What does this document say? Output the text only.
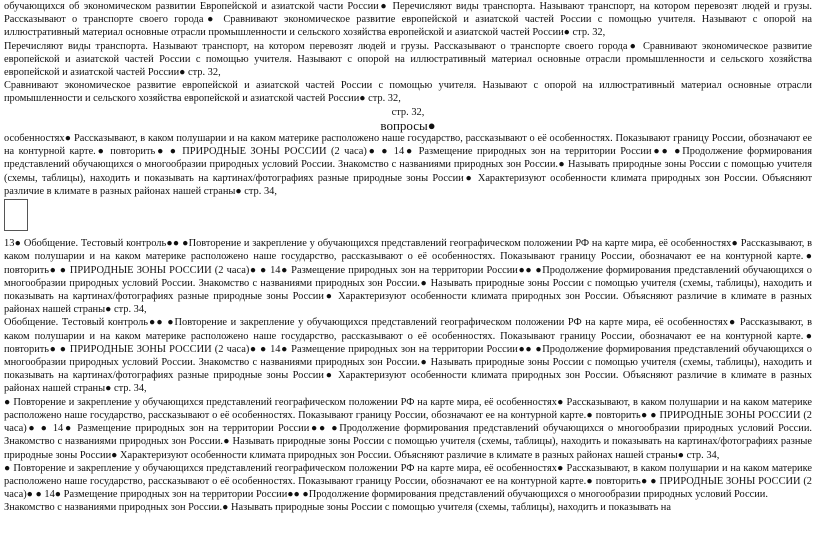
обучающихся об экономическом развитии Европейской и азиатской части России● Перечисляют виды транспорта. Называют транспорт, на котором перевозят людей и грузы. Рассказывают о транспорте своего города● Сравнивают экономическое развитие европейской и азиатской частей России с помощью учителя. Называют с опорой на иллюстративный материал основные отрасли промышленности и сельского хозяйства европейской и азиатской частей России● стр. 32,

Перечисляют виды транспорта. Называют транспорт, на котором перевозят людей и грузы. Рассказывают о транспорте своего города● Сравнивают экономическое развитие европейской и азиатской частей России с помощью учителя. Называют с опорой на иллюстративный материал основные отрасли промышленности и сельского хозяйства европейской и азиатской частей России● стр. 32,

Сравнивают экономическое развитие европейской и азиатской частей России с помощью учителя. Называют с опорой на иллюстративный материал основные отрасли промышленности и сельского хозяйства европейской и азиатской частей России● стр. 32,

стр. 32,

вопросы●

особенностях● Рассказывают, в каком полушарии и на каком материке расположено наше государство, рассказывают о её особенностях. Показывают границу России, обозначают ее на контурной карте.● повторить● ● ПРИРОДНЫЕ ЗОНЫ РОССИИ (2 часа)● ● 14● Размещение природных зон на территории России●● ●Продолжение формирования представлений обучающихся о многообразии природных условий России. Знакомство с названиями природных зон России.● Называть природные зоны России с помощью учителя (схемы, таблицы), находить и показывать на картинах/фотографиях разные природные зоны России● Характеризуют особенности климата природных зон России. Объясняют различие в климате в разных районах нашей страны● стр. 34,

13● Обобщение. Тестовый контроль●● ●Повторение и закрепление у обучающихся представлений географическом положении РФ на карте мира, её особенностях● Рассказывают, в каком полушарии и на каком материке расположено наше государство, рассказывают о её особенностях. Показывают границу России, обозначают ее на контурной карте.● повторить● ● ПРИРОДНЫЕ ЗОНЫ РОССИИ (2 часа)● ● 14● Размещение природных зон на территории России●● ●Продолжение формирования представлений обучающихся о многообразии природных условий России. Знакомство с названиями природных зон России.● Называть природные зоны России с помощью учителя (схемы, таблицы), находить и показывать на картинах/фотографиях разные природные зоны России● Характеризуют особенности климата природных зон России. Объясняют различие в климате в разных районах нашей страны● стр. 34,

Обобщение. Тестовый контроль●● ●Повторение и закрепление у обучающихся представлений географическом положении РФ на карте мира, её особенностях● Рассказывают, в каком полушарии и на каком материке расположено наше государство, рассказывают о её особенностях. Показывают границу России, обозначают ее на контурной карте.● повторить● ● ПРИРОДНЫЕ ЗОНЫ РОССИИ (2 часа)● ● 14● Размещение природных зон на территории России●● ●Продолжение формирования представлений обучающихся о многообразии природных условий России. Знакомство с названиями природных зон России.● Называть природные зоны России с помощью учителя (схемы, таблицы), находить и показывать на картинах/фотографиях разные природные зоны России● Характеризуют особенности климата природных зон России. Объясняют различие в климате в разных районах нашей страны● стр. 34,

● Повторение и закрепление у обучающихся представлений географическом положении РФ на карте мира, её особенностях● Рассказывают, в каком полушарии и на каком материке расположено наше государство, рассказывают о её особенностях. Показывают границу России, обозначают ее на контурной карте.● повторить● ● ПРИРОДНЫЕ ЗОНЫ РОССИИ (2 часа)● ● 14● Размещение природных зон на территории России●● ●Продолжение формирования представлений обучающихся о многообразии природных условий России. Знакомство с названиями природных зон России.● Называть природные зоны России с помощью учителя (схемы, таблицы), находить и показывать на картинах/фотографиях разные природные зоны России● Характеризуют особенности климата природных зон России. Объясняют различие в климате в разных районах нашей страны● стр. 34,

● Повторение и закрепление у обучающихся представлений географическом положении РФ на карте мира, её особенностях● Рассказывают, в каком полушарии и на каком материке расположено наше государство, рассказывают о её особенностях. Показывают границу России, обозначают ее на контурной карте.● повторить● ● ПРИРОДНЫЕ ЗОНЫ РОССИИ (2 часа)● ● 14● Размещение природных зон на территории России●● ●Продолжение формирования представлений обучающихся о многообразии природных условий России.

Знакомство с названиями природных зон России.● Называть природные зоны России с помощью учителя (схемы, таблицы), находить и показывать на
